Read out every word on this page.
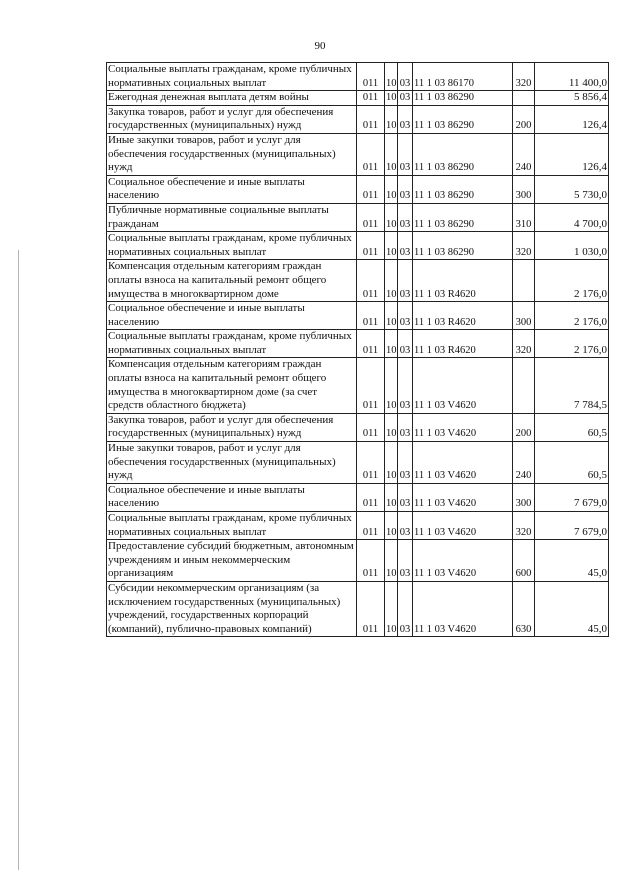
90
Социальные выплаты гражданам, кроме публичных нормативных социальных выплат	011	10	03	11 1 03 86170	320	11 400,0
Ежегодная денежная выплата детям войны	011	10	03	11 1 03 86290		5 856,4
Закупка товаров, работ и услуг для обеспечения государственных (муниципальных) нужд	011	10	03	11 1 03 86290	200	126,4
Иные закупки товаров, работ и услуг для обеспечения государственных (муниципальных) нужд	011	10	03	11 1 03 86290	240	126,4
Социальное обеспечение и иные выплаты населению	011	10	03	11 1 03 86290	300	5 730,0
Публичные нормативные социальные выплаты гражданам	011	10	03	11 1 03 86290	310	4 700,0
Социальные выплаты гражданам, кроме публичных нормативных социальных выплат	011	10	03	11 1 03 86290	320	1 030,0
Компенсация отдельным категориям граждан оплаты взноса на капитальный ремонт общего имущества в многоквартирном доме	011	10	03	11 1 03 R4620		2 176,0
Социальное обеспечение и иные выплаты населению	011	10	03	11 1 03 R4620	300	2 176,0
Социальные выплаты гражданам, кроме публичных нормативных социальных выплат	011	10	03	11 1 03 R4620	320	2 176,0
Компенсация отдельным категориям граждан оплаты взноса на капитальный ремонт общего имущества в многоквартирном доме (за счет средств областного бюджета)	011	10	03	11 1 03 V4620		7 784,5
Закупка товаров, работ и услуг для обеспечения государственных (муниципальных) нужд	011	10	03	11 1 03 V4620	200	60,5
Иные закупки товаров, работ и услуг для обеспечения государственных (муниципальных) нужд	011	10	03	11 1 03 V4620	240	60,5
Социальное обеспечение и иные выплаты населению	011	10	03	11 1 03 V4620	300	7 679,0
Социальные выплаты гражданам, кроме публичных нормативных социальных выплат	011	10	03	11 1 03 V4620	320	7 679,0
Предоставление субсидий бюджетным, автономным учреждениям и иным некоммерческим организациям	011	10	03	11 1 03 V4620	600	45,0
Субсидии некоммерческим организациям (за исключением государственных (муниципальных) учреждений, государственных корпораций (компаний), публично-правовых компаний)	011	10	03	11 1 03 V4620	630	45,0
